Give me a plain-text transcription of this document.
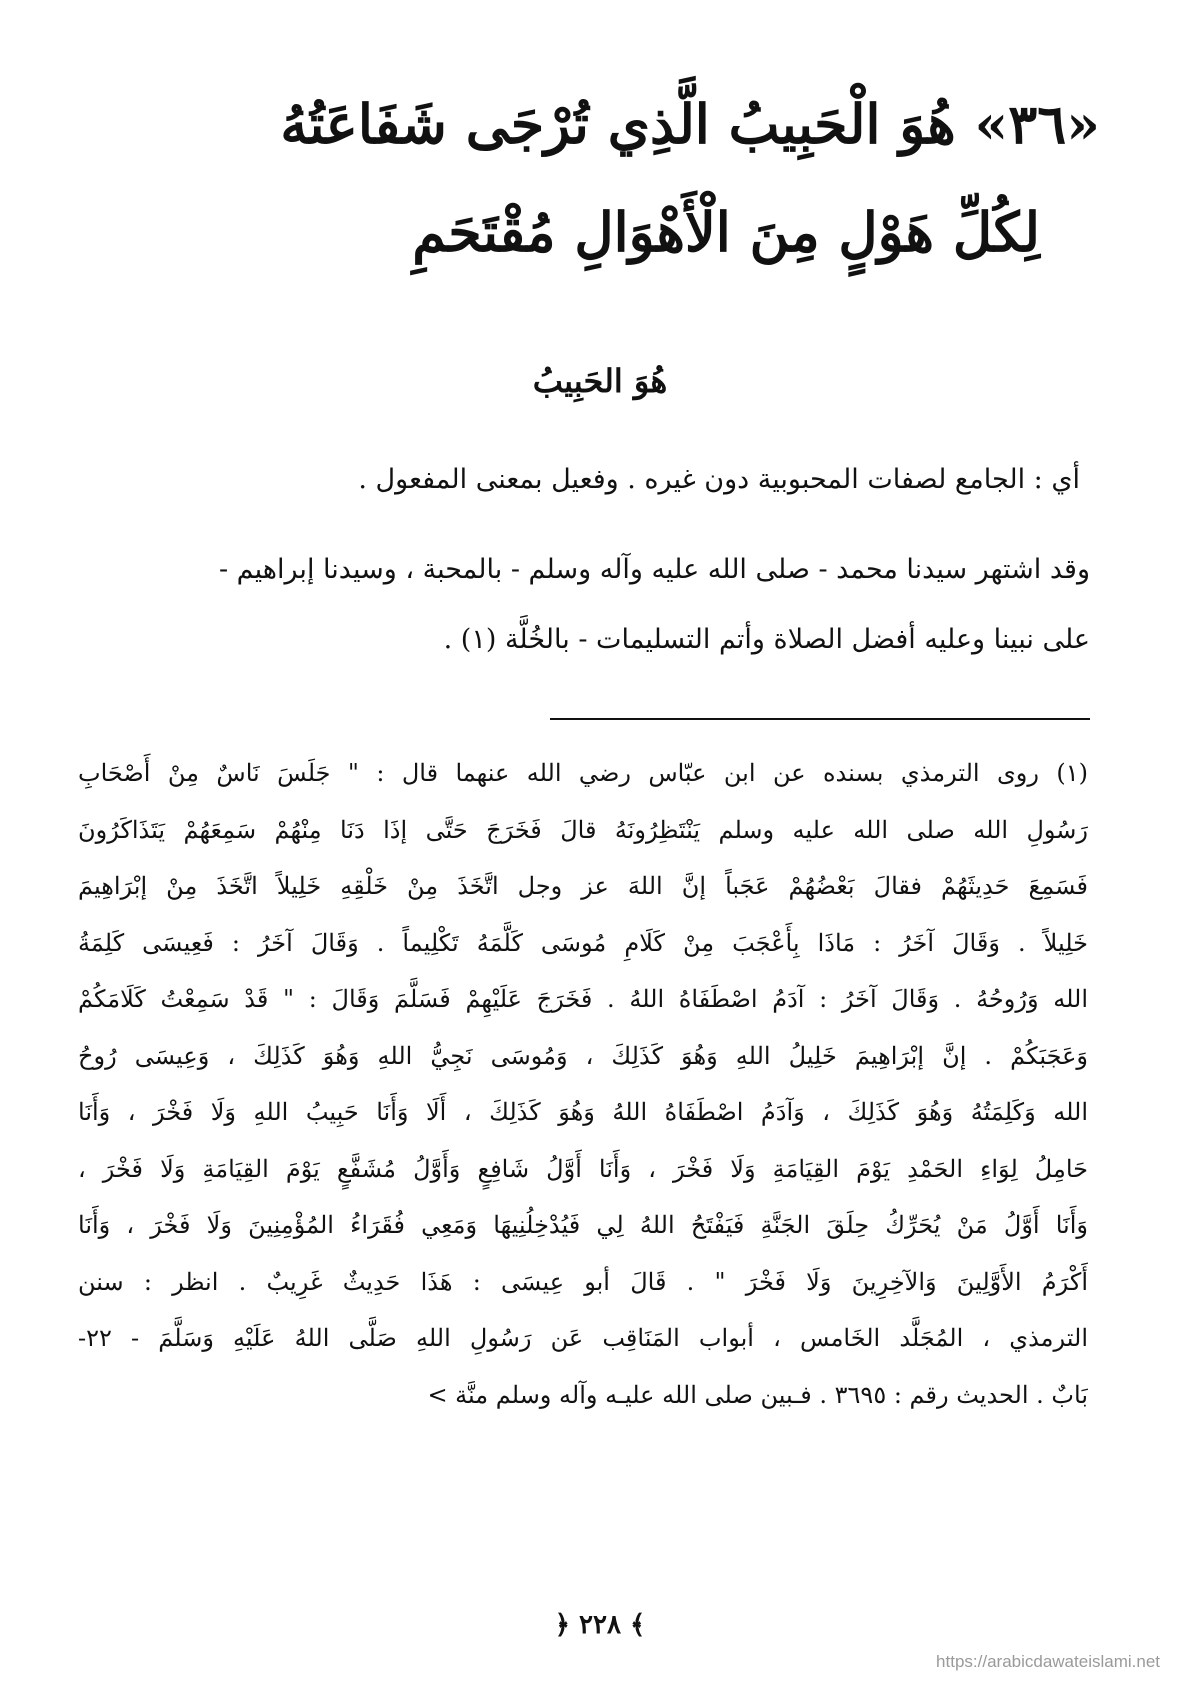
«٣٦» هُوَ الْحَبِيبُ الَّذِي تُرْجَى شَفَاعَتُهُ
لِكُلِّ هَوْلٍ مِنَ الْأَهْوَالِ مُقْتَحَمِ
هُوَ الحَبِيبُ
أي : الجامع لصفات المحبوبية دون غيره . وفعيل بمعنى المفعول .
وقد اشتهر سيدنا محمد - صلى الله عليه وآله وسلم - بالمحبة ، وسيدنا إبراهيم -
على نبينا وعليه أفضل الصلاة وأتم التسليمات - بالخُلَّة (١) .
(١) روى الترمذي بسنده عن ابن عبّاس رضي الله عنهما قال : " جَلَسَ نَاسٌ مِنْ أَصْحَابِ
رَسُولِ الله صلى الله عليه وسلم يَنْتَظِرُونَهُ قالَ فَخَرَجَ حَتَّى إذَا دَنَا مِنْهُمْ سَمِعَهُمْ يَتَذَاكَرُونَ
فَسَمِعَ حَدِيثَهُمْ فقالَ بَعْضُهُمْ عَجَباً إنَّ اللهَ عز وجل اتَّخَذَ مِنْ خَلْقِهِ خَلِيلاً اتَّخَذَ مِنْ إبْرَاهِيمَ
خَلِيلاً . وَقَالَ آخَرُ : مَاذَا بِأَعْجَبَ مِنْ كَلَامِ مُوسَى كَلَّمَهُ تَكْلِيماً . وَقَالَ آخَرُ : فَعِيسَى كَلِمَةُ
الله وَرُوحُهُ . وَقَالَ آخَرُ : آدَمُ اصْطَفَاهُ اللهُ . فَخَرَجَ عَلَيْهِمْ فَسَلَّمَ وَقَالَ : " قَدْ سَمِعْتُ كَلَامَكُمْ
وَعَجَبَكُمْ . إنَّ إبْرَاهِيمَ خَلِيلُ اللهِ وَهُوَ كَذَلِكَ ، وَمُوسَى نَجِيُّ اللهِ وَهُوَ كَذَلِكَ ، وَعِيسَى رُوحُ
الله وَكَلِمَتُهُ وَهُوَ كَذَلِكَ ، وَآدَمُ اصْطَفَاهُ اللهُ وَهُوَ كَذَلِكَ ، أَلَا وَأَنَا حَبِيبُ اللهِ وَلَا فَخْرَ ، وَأَنَا
حَامِلُ لِوَاءِ الحَمْدِ يَوْمَ القِيَامَةِ وَلَا فَخْرَ ، وَأَنَا أَوَّلُ شَافِعٍ وَأَوَّلُ مُشَفَّعٍ يَوْمَ القِيَامَةِ وَلَا فَخْرَ ،
وَأَنَا أَوَّلُ مَنْ يُحَرِّكُ حِلَقَ الجَنَّةِ فَيَفْتَحُ اللهُ لِي فَيُدْخِلُنِيهَا وَمَعِي فُقَرَاءُ المُؤْمِنِينَ وَلَا فَخْرَ ، وَأَنَا
أَكْرَمُ الأَوَّلِينَ وَالآخِرِينَ وَلَا فَخْرَ " . قَالَ أبو عِيسَى : هَذَا حَدِيثٌ غَرِيبٌ . انظر : سنن
الترمذي ، المُجَلَّد الخَامس ، أبواب المَنَاقِب عَن رَسُولِ اللهِ صَلَّى اللهُ عَلَيْهِ وَسَلَّمَ - ٢٢-
بَابٌ . الحديث رقم : ٣٦٩٥ . فـبين صلى الله عليـه وآله وسلم منَّة >
﴿ ٢٢٨ ﴾
https://arabicdawateislami.net
